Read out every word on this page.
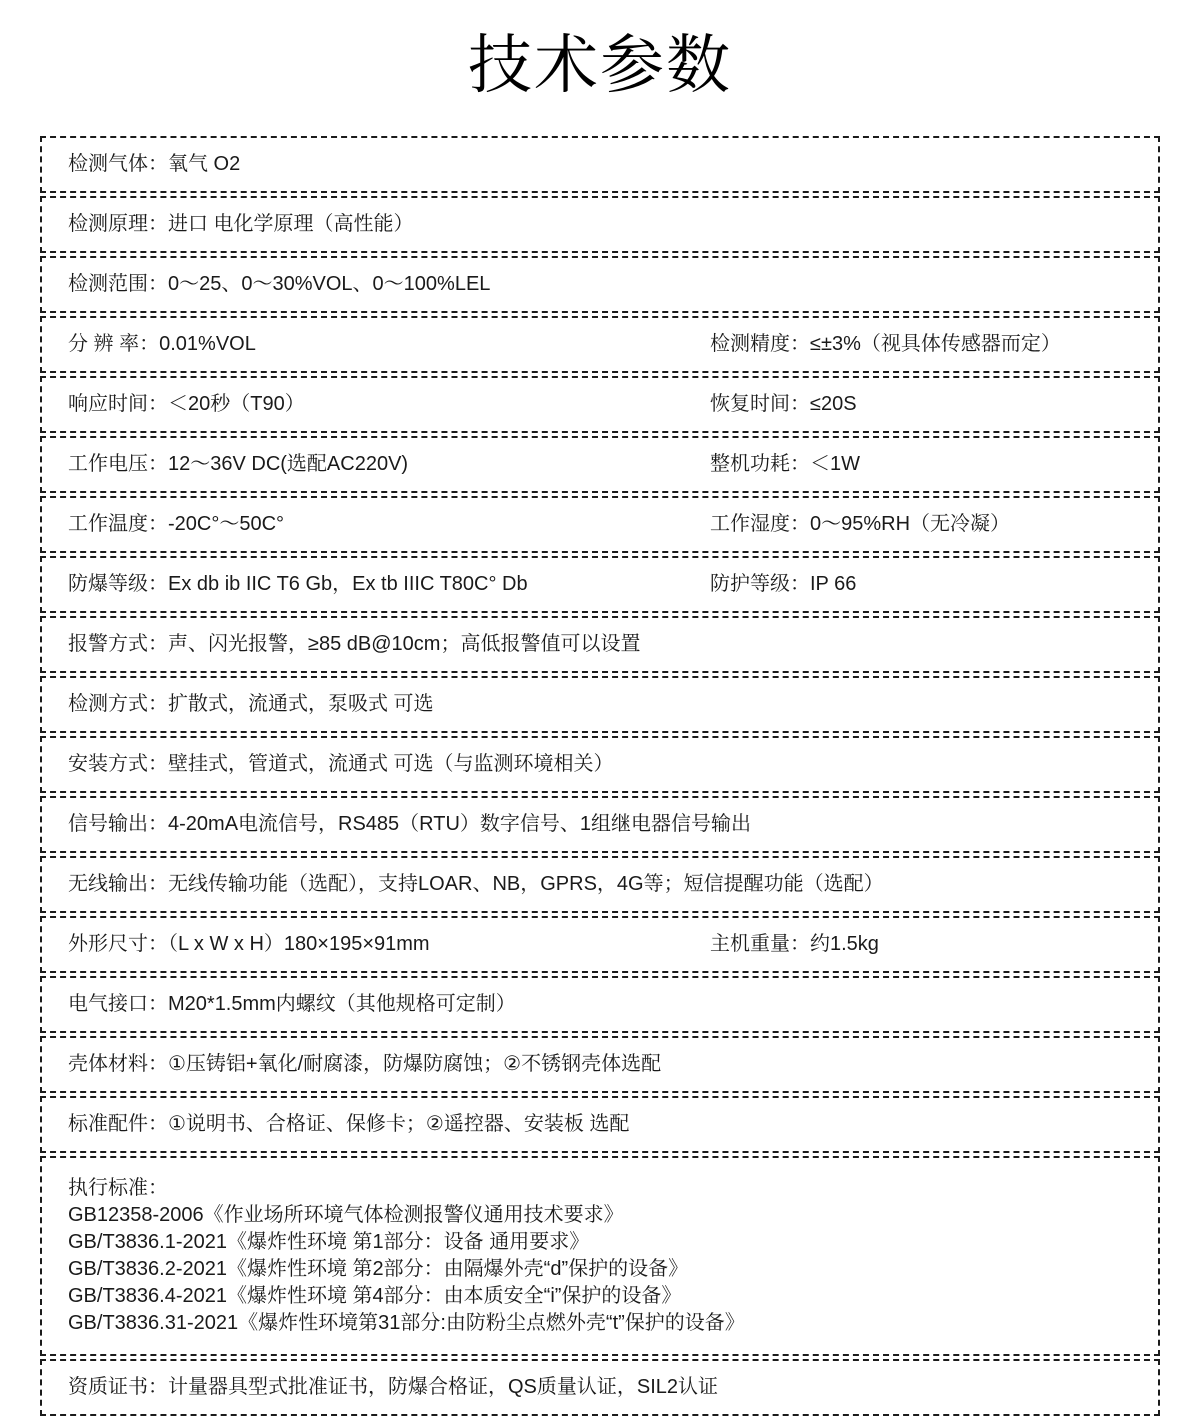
技术参数
检测气体：氧气 O2
检测原理：进口 电化学原理（高性能）
检测范围：0～25、0～30%VOL、0～100%LEL
分 辨 率：0.01%VOL	检测精度：≤±3%（视具体传感器而定）
响应时间：＜20秒（T90）	恢复时间：≤20S
工作电压：12～36V DC(选配AC220V)	整机功耗：＜1W
工作温度：-20C°～50C°	工作湿度：0～95%RH（无冷凝）
防爆等级：Ex db ib IIC T6 Gb，Ex tb IIIC T80C° Db	防护等级：IP 66
报警方式：声、闪光报警，≥85 dB@10cm；高低报警值可以设置
检测方式：扩散式，流通式，泵吸式 可选
安装方式：壁挂式，管道式，流通式 可选（与监测环境相关）
信号输出：4-20mA电流信号，RS485（RTU）数字信号、1组继电器信号输出
无线输出：无线传输功能（选配），支持LOAR、NB，GPRS，4G等；短信提醒功能（选配）
外形尺寸：（L x W x H）180×195×91mm	主机重量：约1.5kg
电气接口：M20*1.5mm内螺纹（其他规格可定制）
壳体材料：①压铸铝+氧化/耐腐漆，防爆防腐蚀；②不锈钢壳体选配
标准配件：①说明书、合格证、保修卡；②遥控器、安装板 选配
执行标准：
GB12358-2006《作业场所环境气体检测报警仪通用技术要求》
GB/T3836.1-2021《爆炸性环境 第1部分：设备 通用要求》
GB/T3836.2-2021《爆炸性环境 第2部分：由隔爆外壳“d”保护的设备》
GB/T3836.4-2021《爆炸性环境 第4部分：由本质安全“i”保护的设备》
GB/T3836.31-2021《爆炸性环境第31部分:由防粉尘点燃外壳“t”保护的设备》
资质证书：计量器具型式批准证书，防爆合格证，QS质量认证，SIL2认证
